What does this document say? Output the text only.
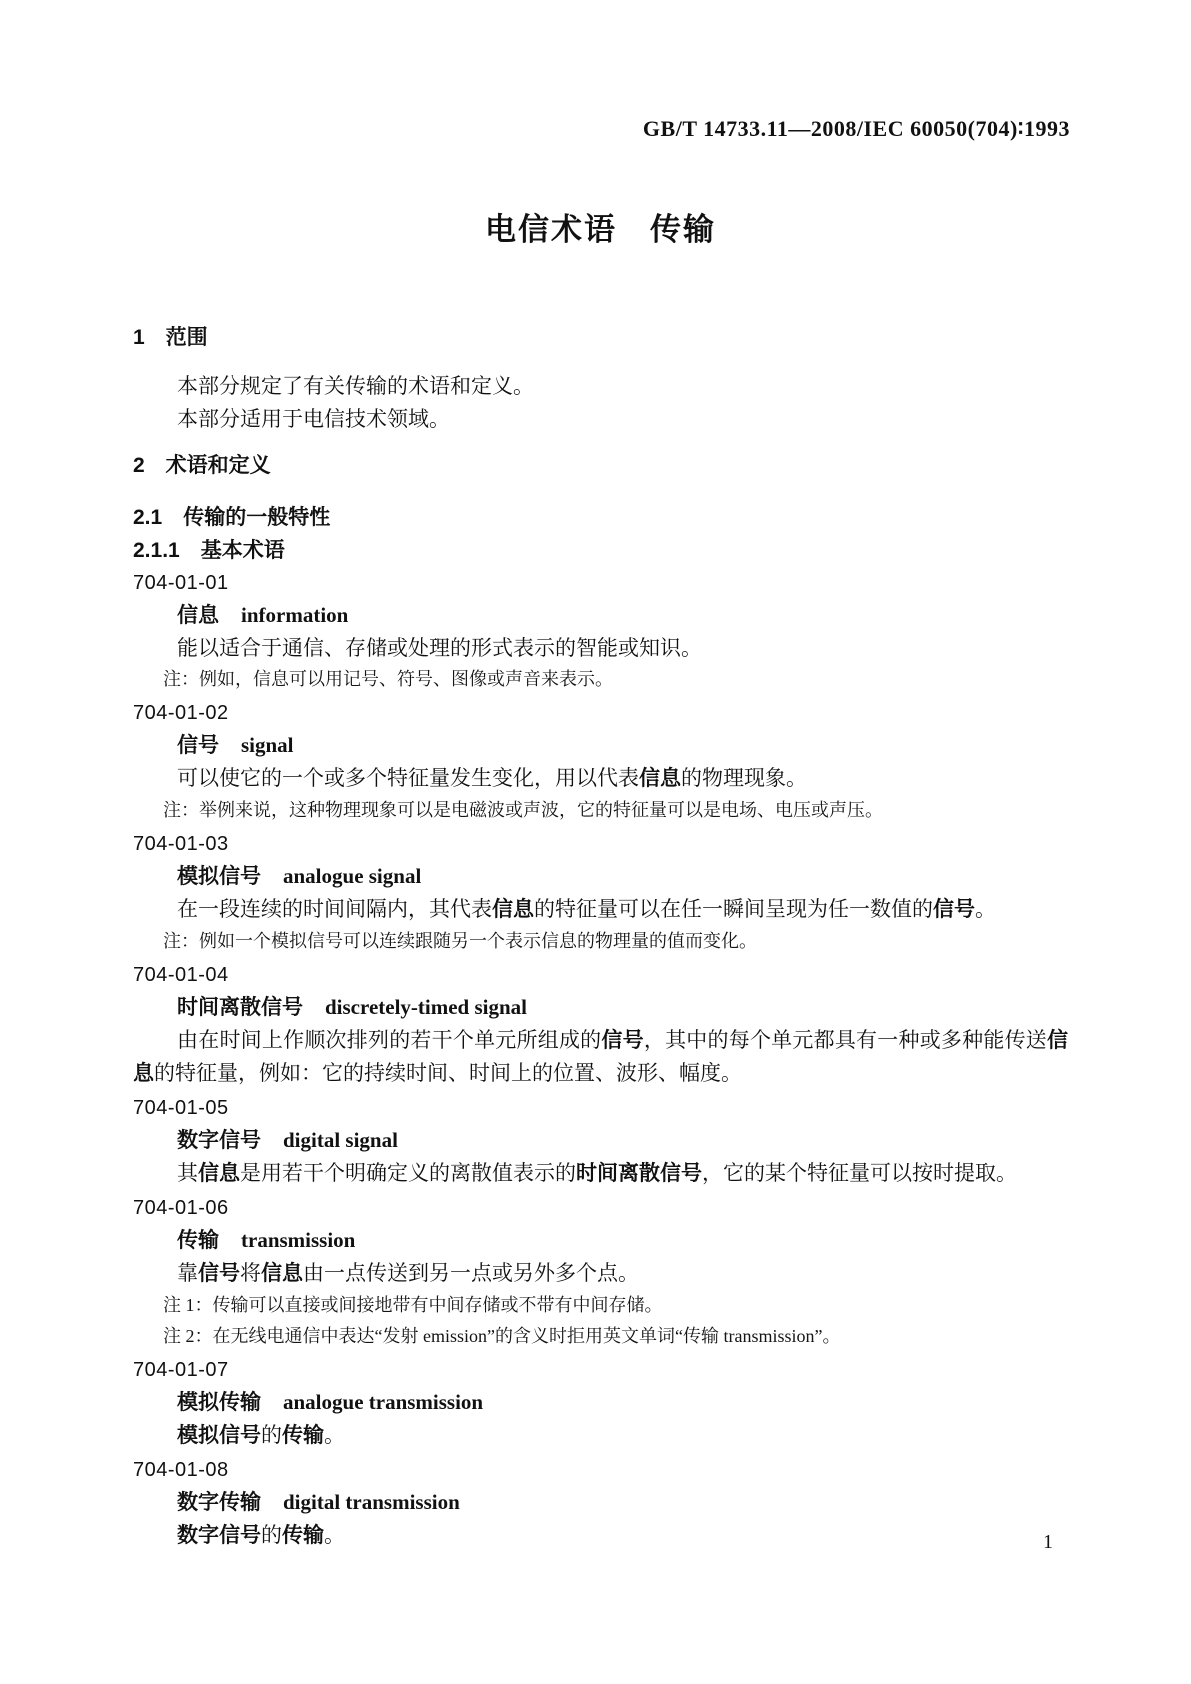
GB/T 14733.11—2008/IEC 60050(704)∶1993
电信术语　传输
1　范围

本部分规定了有关传输的术语和定义。

本部分适用于电信技术领域。

2　术语和定义
2.1　传输的一般特性
2.1.1　基本术语
704-01-01
信息 information

能以适合于通信、存储或处理的形式表示的智能或知识。

注：例如，信息可以用记号、符号、图像或声音来表示。

704-01-02
信号 signal

可以使它的一个或多个特征量发生变化，用以代表信息的物理现象。

注：举例来说，这种物理现象可以是电磁波或声波，它的特征量可以是电场、电压或声压。

704-01-03
模拟信号 analogue signal

在一段连续的时间间隔内，其代表信息的特征量可以在任一瞬间呈现为任一数值的信号。

注：例如一个模拟信号可以连续跟随另一个表示信息的物理量的值而变化。

704-01-04
时间离散信号 discretely-timed signal

由在时间上作顺次排列的若干个单元所组成的信号，其中的每个单元都具有一种或多种能传送信息的特征量，例如：它的持续时间、时间上的位置、波形、幅度。

704-01-05
数字信号 digital signal

其信息是用若干个明确定义的离散值表示的时间离散信号，它的某个特征量可以按时提取。

704-01-06
传输 transmission

靠信号将信息由一点传送到另一点或另外多个点。

注 1：传输可以直接或间接地带有中间存储或不带有中间存储。

注 2：在无线电通信中表达“发射 emission”的含义时拒用英文单词“传输 transmission”。

704-01-07
模拟传输 analogue transmission

模拟信号的传输。

704-01-08
数字传输 digital transmission

数字信号的传输。	1
